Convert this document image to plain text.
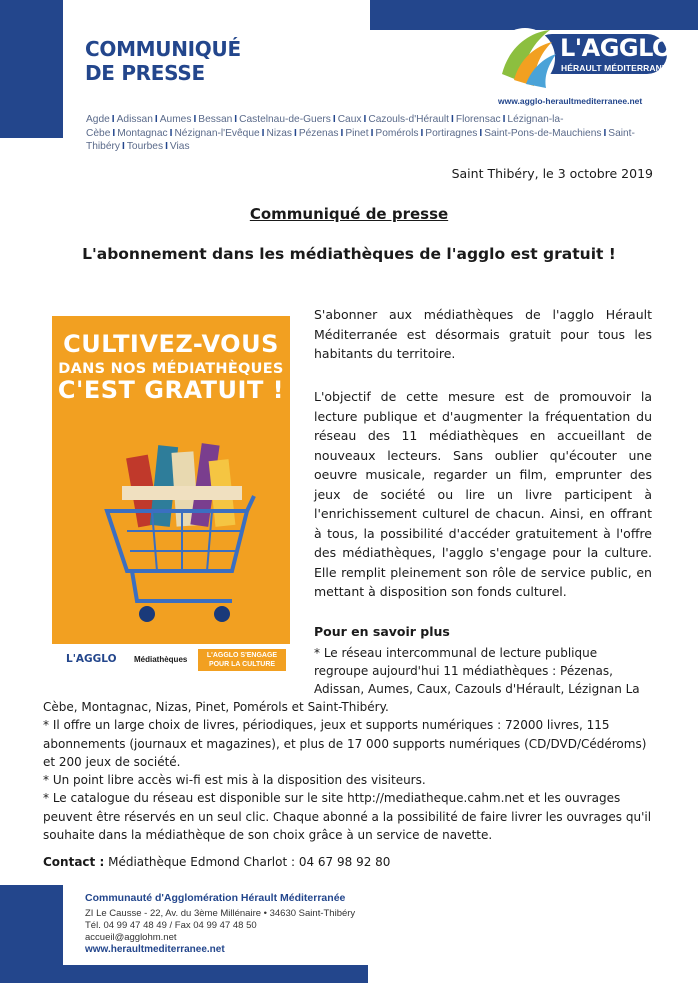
COMMUNIQUÉ
DE PRESSE
L'AGGLO
HÉRAULT MÉDITERRANÉE
www.agglo-heraultmediterranee.net
Agde I Adissan I Aumes I Bessan I Castelnau-de-Guers I Caux I Cazouls-d'Hérault I Florensac I Lézignan-la-Cèbe I Montagnac I Nézignan-l'Evêque I Nizas I Pézenas I Pinet I Pomérols I Portiragnes I Saint-Pons-de-Mauchiens I Saint-Thibéry I Tourbes I Vias
Saint Thibéry, le 3 octobre 2019
Communiqué de presse
L'abonnement dans les médiathèques de l'agglo est gratuit !
CULTIVEZ-VOUS
DANS NOS MÉDIATHÈQUES
C'EST GRATUIT !
L'AGGLO Médiathèques	L'AGGLO S'ENGAGE POUR LA CULTURE
S'abonner aux médiathèques de l'agglo Hérault Méditerranée est désormais gratuit pour tous les habitants du territoire.
L'objectif de cette mesure est de promouvoir la lecture publique et d'augmenter la fréquentation du réseau des 11 médiathèques en accueillant de nouveaux lecteurs. Sans oublier qu'écouter une oeuvre musicale, regarder un film, emprunter des jeux de société ou lire un livre participent à l'enrichissement culturel de chacun. Ainsi, en offrant à tous, la possibilité d'accéder gratuitement à l'offre des médiathèques, l'agglo s'engage pour la culture. Elle remplit pleinement son rôle de service public, en mettant à disposition son fonds culturel.
Pour en savoir plus
* Le réseau intercommunal de lecture publique
regroupe aujourd'hui 11 médiathèques : Pézenas,
Adissan, Aumes, Caux, Cazouls d'Hérault, Lézignan La
Cèbe, Montagnac, Nizas, Pinet, Pomérols et Saint-Thibéry.
* Il offre un large choix de livres, périodiques, jeux et supports numériques : 72000 livres, 115 abonnements (journaux et magazines), et plus de 17 000 supports numériques (CD/DVD/Cédéroms) et 200 jeux de société.
* Un point libre accès wi-fi est mis à la disposition des visiteurs.
* Le catalogue du réseau est disponible sur le site http://mediatheque.cahm.net et les ouvrages peuvent être réservés en un seul clic. Chaque abonné a la possibilité de faire livrer les ouvrages qu'il souhaite dans la médiathèque de son choix grâce à un service de navette.
Contact : Médiathèque Edmond Charlot : 04 67 98 92 80
Communauté d'Agglomération Hérault Méditerranée
ZI Le Causse - 22, Av. du 3ème Millénaire • 34630 Saint-Thibéry
Tél. 04 99 47 48 49 / Fax 04 99 47 48 50
accueil@agglohm.net
www.heraultmediterranee.net
